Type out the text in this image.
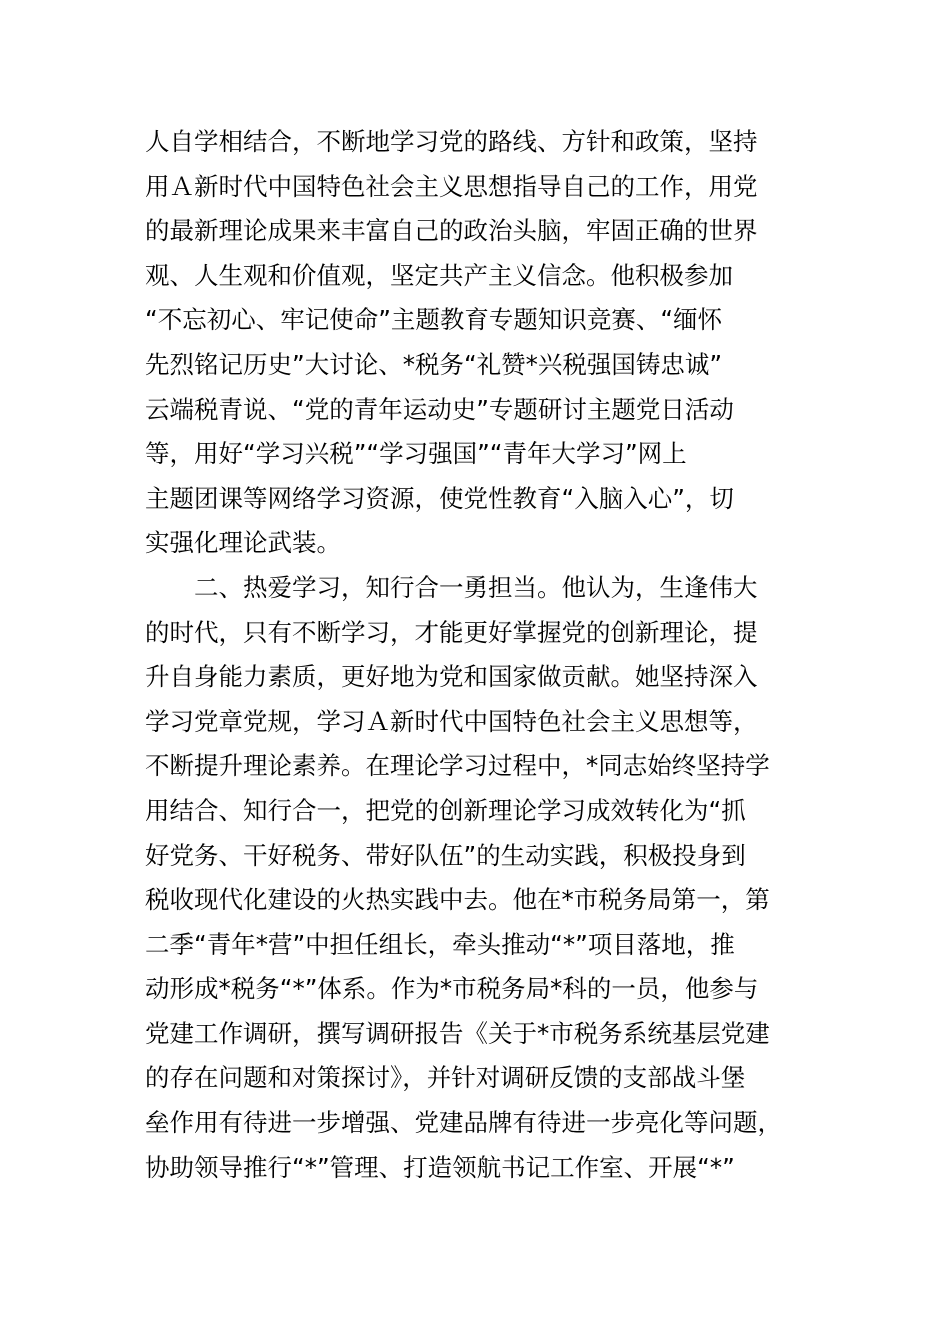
人自学相结合，不断地学习党的路线、方针和政策，坚持
用Ａ新时代中国特色社会主义思想指导自己的工作，用党
的最新理论成果来丰富自己的政治头脑，牢固正确的世界
观、人生观和价值观，坚定共产主义信念。他积极参加
“不忘初心、牢记使命”主题教育专题知识竞赛、“缅怀
先烈铭记历史”大讨论、*税务“礼赞*兴税强国铸忠诚”
云端税青说、“党的青年运动史”专题研讨主题党日活动
等，用好“学习兴税”“学习强国”“青年大学习”网上
主题团课等网络学习资源，使党性教育“入脑入心”，切
实强化理论武装。
二、热爱学习，知行合一勇担当。他认为，生逢伟大
的时代，只有不断学习，才能更好掌握党的创新理论，提
升自身能力素质，更好地为党和国家做贡献。她坚持深入
学习党章党规，学习Ａ新时代中国特色社会主义思想等，
不断提升理论素养。在理论学习过程中，*同志始终坚持学
用结合、知行合一，把党的创新理论学习成效转化为“抓
好党务、干好税务、带好队伍”的生动实践，积极投身到
税收现代化建设的火热实践中去。他在*市税务局第一，第
二季“青年*营”中担任组长，牵头推动“*”项目落地，推
动形成*税务“*”体系。作为*市税务局*科的一员，他参与
党建工作调研，撰写调研报告《关于*市税务系统基层党建
的存在问题和对策探讨》，并针对调研反馈的支部战斗堡
垒作用有待进一步增强、党建品牌有待进一步亮化等问题，
协助领导推行“*”管理、打造领航书记工作室、开展“*”
